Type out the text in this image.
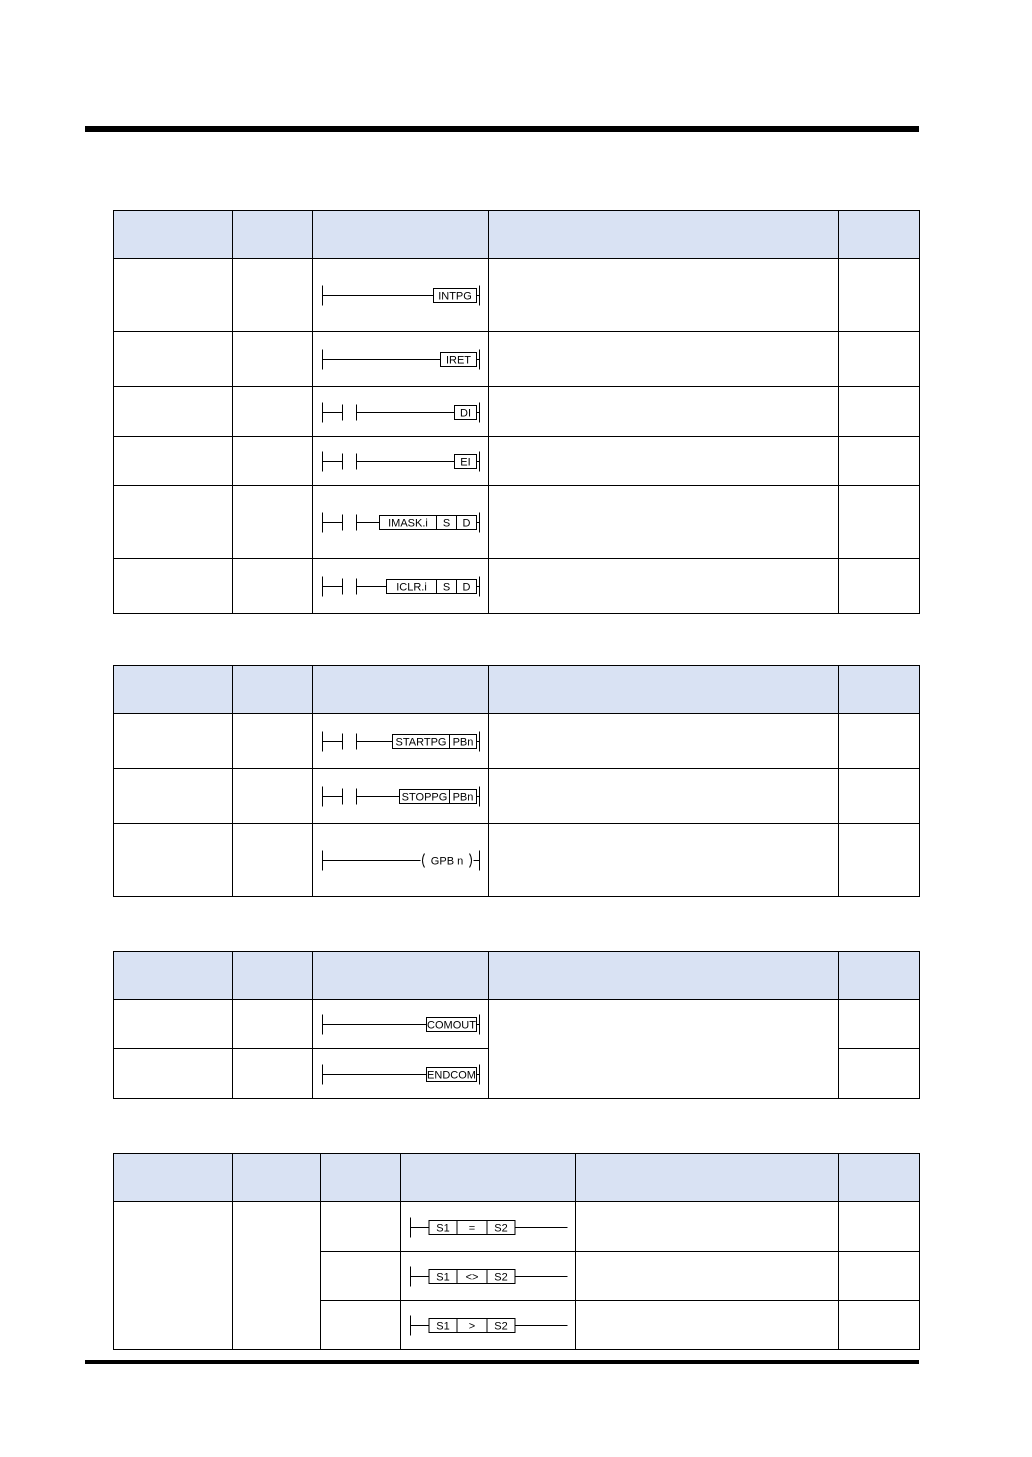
INTPG		

IRET		

DI		

EI		

IMASK.i S D		

ICLR.i S D		

STARTPG PBn		

STOPPG PBn		

GPB n		

COMOUT		

ENDCOM		

S1 = S2		

S1 <> S2		

S1 > S2		
